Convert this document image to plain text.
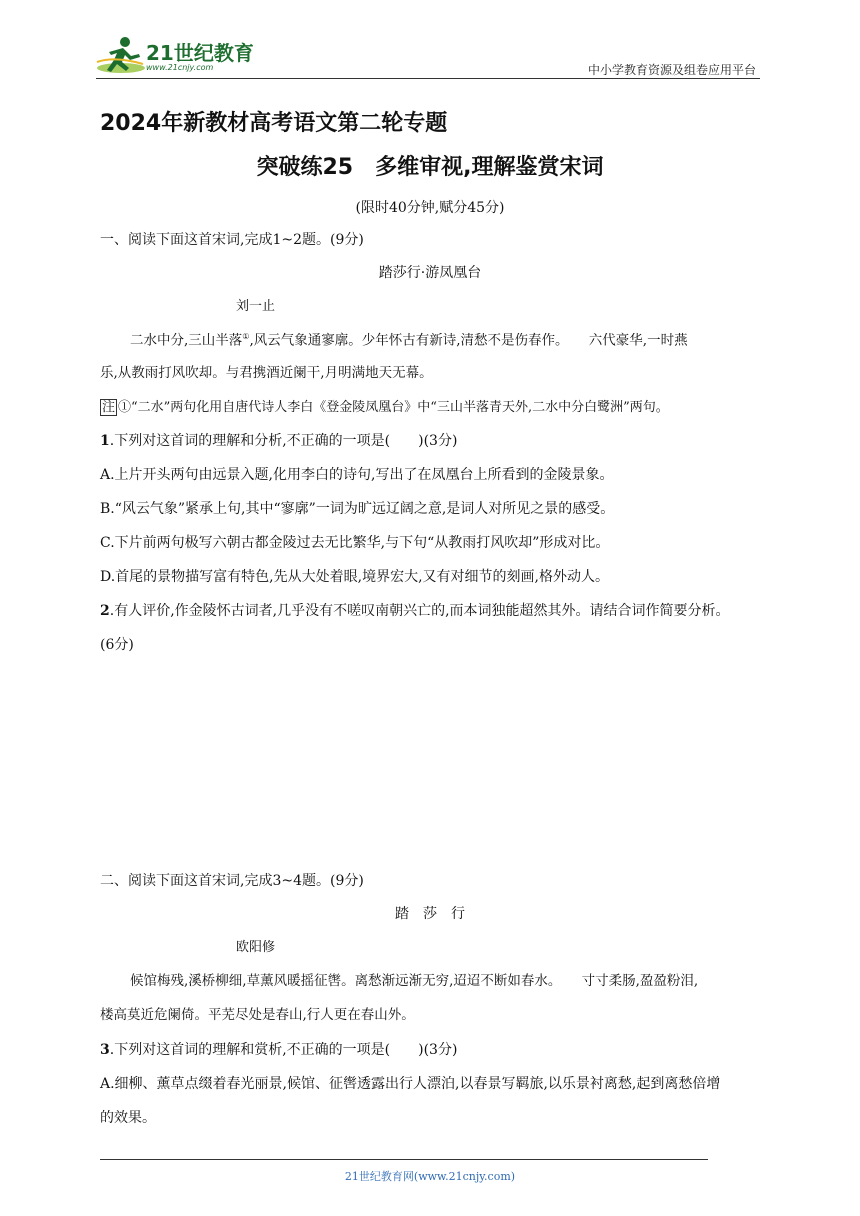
21世纪教育
www.21cnjy.com	中小学教育资源及组卷应用平台
2024年新教材高考语文第二轮专题
突破练25　多维审视,理解鉴赏宋词
(限时40分钟,赋分45分)
一、阅读下面这首宋词,完成1~2题。(9分)
踏莎行·游凤凰台
刘一止
二水中分,三山半落①,风云气象通寥廓。少年怀古有新诗,清愁不是伤春作。　　六代豪华,一时燕
乐,从教雨打风吹却。与君携酒近阑干,月明满地天无幕。
注 ①“二水”两句化用自唐代诗人李白《登金陵凤凰台》中“三山半落青天外,二水中分白鹭洲”两句。
1.下列对这首词的理解和分析,不正确的一项是(　　)(3分)
A.上片开头两句由远景入题,化用李白的诗句,写出了在凤凰台上所看到的金陵景象。
B.“风云气象”紧承上句,其中“寥廓”一词为旷远辽阔之意,是词人对所见之景的感受。
C.下片前两句极写六朝古都金陵过去无比繁华,与下句“从教雨打风吹却”形成对比。
D.首尾的景物描写富有特色,先从大处着眼,境界宏大,又有对细节的刻画,格外动人。
2.有人评价,作金陵怀古词者,几乎没有不嗟叹南朝兴亡的,而本词独能超然其外。请结合词作简要分析。
(6分)
二、阅读下面这首宋词,完成3~4题。(9分)
踏　莎　行
欧阳修
候馆梅残,溪桥柳细,草薰风暖摇征辔。离愁渐远渐无穷,迢迢不断如春水。　　寸寸柔肠,盈盈粉泪,
楼高莫近危阑倚。平芜尽处是春山,行人更在春山外。
3.下列对这首词的理解和赏析,不正确的一项是(　　)(3分)
A.细柳、薰草点缀着春光丽景,候馆、征辔透露出行人漂泊,以春景写羁旅,以乐景衬离愁,起到离愁倍增
的效果。
21世纪教育网(www.21cnjy.com)
